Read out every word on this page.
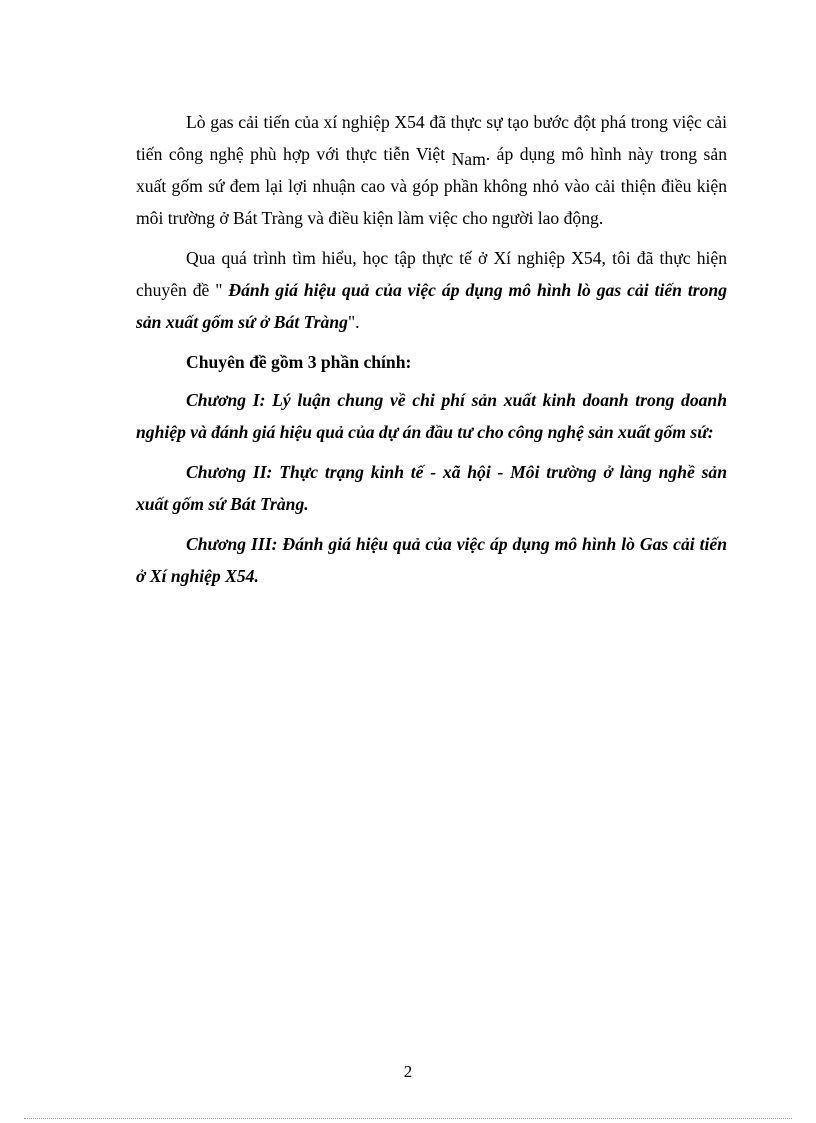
Lò gas cải tiến của xí nghiệp X54 đã thực sự tạo bước đột phá trong việc cải tiến công nghệ phù hợp với thực tiễn Việt Nam. áp dụng mô hình này trong sản xuất gốm sứ đem lại lợi nhuận cao và góp phần không nhỏ vào cải thiện điều kiện môi trường ở Bát Tràng và điều kiện làm việc cho người lao động.

Qua quá trình tìm hiểu, học tập thực tế ở Xí nghiệp X54, tôi đã thực hiện chuyên đề " Đánh giá hiệu quả của việc áp dụng mô hình lò gas cải tiến trong sản xuất gốm sứ ở Bát Tràng".

Chuyên đề gồm 3 phần chính:

Chương I: Lý luận chung về chi phí sản xuất kinh doanh trong doanh nghiệp và đánh giá hiệu quả của dự án đầu tư cho công nghệ sản xuất gốm sứ:

Chương II: Thực trạng kinh tế - xã hội - Môi trường ở làng nghề sản xuất gốm sứ Bát Tràng.

Chương III: Đánh giá hiệu quả của việc áp dụng mô hình lò Gas cải tiến ở Xí nghiệp X54.

2
